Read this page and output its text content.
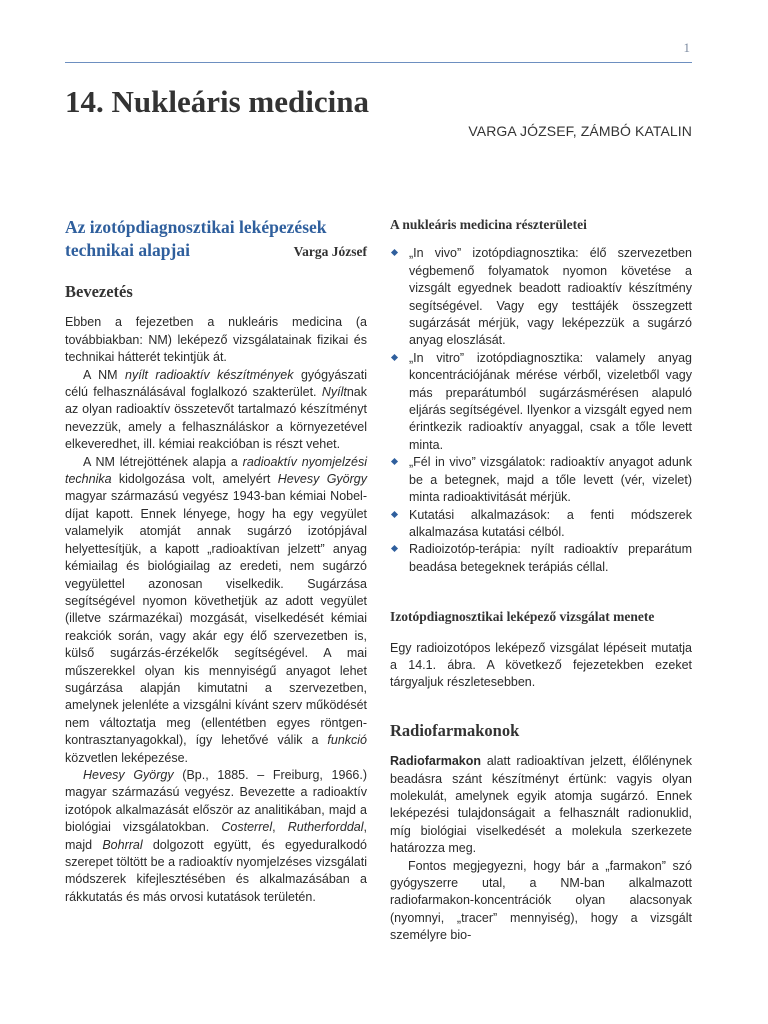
1
14. Nukleáris medicina
VARGA JÓZSEF, ZÁMBÓ KATALIN
Az izotópdiagnosztikai leképezések
technikai alapjai	Varga József
Bevezetés

Ebben a fejezetben a nukleáris medicina (a továbbiakban: NM) leképező vizsgálatainak fizikai és technikai hátterét tekintjük át.

A NM nyílt radioaktív készítmények gyógyászati célú felhasználásával foglalkozó szakterület. Nyíltnak az olyan radioaktív összetevőt tartalmazó készítményt nevezzük, amely a felhasználáskor a környezetével elkeveredhet, ill. kémiai reakcióban is részt vehet.

A NM létrejöttének alapja a radioaktív nyomjelzési technika kidolgozása volt, amelyért Hevesy György magyar származású vegyész 1943-ban kémiai Nobel-díjat kapott. Ennek lényege, hogy ha egy vegyület valamelyik atomját annak sugárzó izotópjával helyettesítjük, a kapott „radioaktívan jelzett” anyag kémiailag és biológiailag az eredeti, nem sugárzó vegyülettel azonosan viselkedik. Sugárzása segítségével nyomon követhetjük az adott vegyület (illetve származékai) mozgását, viselkedését kémiai reakciók során, vagy akár egy élő szervezetben is, külső sugárzás-érzékelők segítségével. A mai műszerekkel olyan kis mennyiségű anyagot lehet sugárzása alapján kimutatni a szervezetben, amelynek jelenléte a vizsgálni kívánt szerv működését nem változtatja meg (ellentétben egyes röntgen-kontrasztanyagokkal), így lehetővé válik a funkció közvetlen leképezése.

Hevesy György (Bp., 1885. – Freiburg, 1966.) magyar származású vegyész. Bevezette a radioaktív izotópok alkalmazását először az analitikában, majd a biológiai vizsgálatokban. Costerrel, Rutherforddal, majd Bohrral dolgozott együtt, és egyeduralkodó szerepet töltött be a radioaktív nyomjelzéses vizsgálati módszerek kifejlesztésében és alkalmazásában a rákkutatás és más orvosi kutatások területén.

A nukleáris medicina részterületei
„In vivo” izotópdiagnosztika: élő szervezetben végbemenő folyamatok nyomon követése a vizsgált egyednek beadott radioaktív készítmény segítségével. Vagy egy testtájék összegzett sugárzását mérjük, vagy leképezzük a sugárzó anyag eloszlását.
„In vitro” izotópdiagnosztika: valamely anyag koncentrációjának mérése vérből, vizeletből vagy más preparátumból sugárzásmérésen alapuló eljárás segítségével. Ilyenkor a vizsgált egyed nem érintkezik radioaktív anyaggal, csak a tőle levett minta.
„Fél in vivo” vizsgálatok: radioaktív anyagot adunk be a betegnek, majd a tőle levett (vér, vizelet) minta radioaktivitását mérjük.
Kutatási alkalmazások: a fenti módszerek alkalmazása kutatási célból.
Radioizotóp-terápia: nyílt radioaktív preparátum beadása betegeknek terápiás céllal.
Izotópdiagnosztikai leképező vizsgálat menete

Egy radioizotópos leképező vizsgálat lépéseit mutatja a 14.1. ábra. A következő fejezetekben ezeket tárgyaljuk részletesebben.

Radiofarmakonok

Radiofarmakon alatt radioaktívan jelzett, élőlénynek beadásra szánt készítményt értünk: vagyis olyan molekulát, amelynek egyik atomja sugárzó. Ennek leképezési tulajdonságait a felhasznált radionuklid, míg biológiai viselkedését a molekula szerkezete határozza meg.

Fontos megjegyezni, hogy bár a „farmakon” szó gyógyszerre utal, a NM-ban alkalmazott radiofarmakon-koncentrációk olyan alacsonyak (nyomnyi, „tracer” mennyiség), hogy a vizsgált személyre bio-
